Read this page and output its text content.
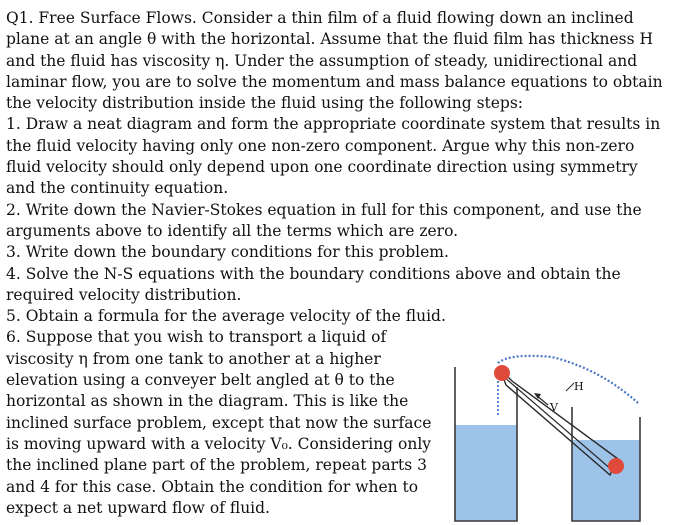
Q1. Free Surface Flows. Consider a thin film of a fluid flowing down an inclined
plane at an angle θ with the horizontal. Assume that the fluid film has thickness H
and the fluid has viscosity η. Under the assumption of steady, unidirectional and
laminar flow, you are to solve the momentum and mass balance equations to obtain
the velocity distribution inside the fluid using the following steps:
1. Draw a neat diagram and form the appropriate coordinate system that results in
the fluid velocity having only one non-zero component. Argue why this non-zero
fluid velocity should only depend upon one coordinate direction using symmetry
and the continuity equation.
2. Write down the Navier-Stokes equation in full for this component, and use the
arguments above to identify all the terms which are zero.
3. Write down the boundary conditions for this problem.
4. Solve the N-S equations with the boundary conditions above and obtain the
required velocity distribution.
5. Obtain a formula for the average velocity of the fluid.
6. Suppose that you wish to transport a liquid of
viscosity η from one tank to another at a higher
elevation using a conveyer belt angled at θ to the
horizontal as shown in the diagram. This is like the
inclined surface problem, except that now the surface
is moving upward with a velocity V₀. Considering only
the inclined plane part of the problem, repeat parts 3
and 4 for this case. Obtain the condition for when to
expect a net upward flow of fluid.
V
H
